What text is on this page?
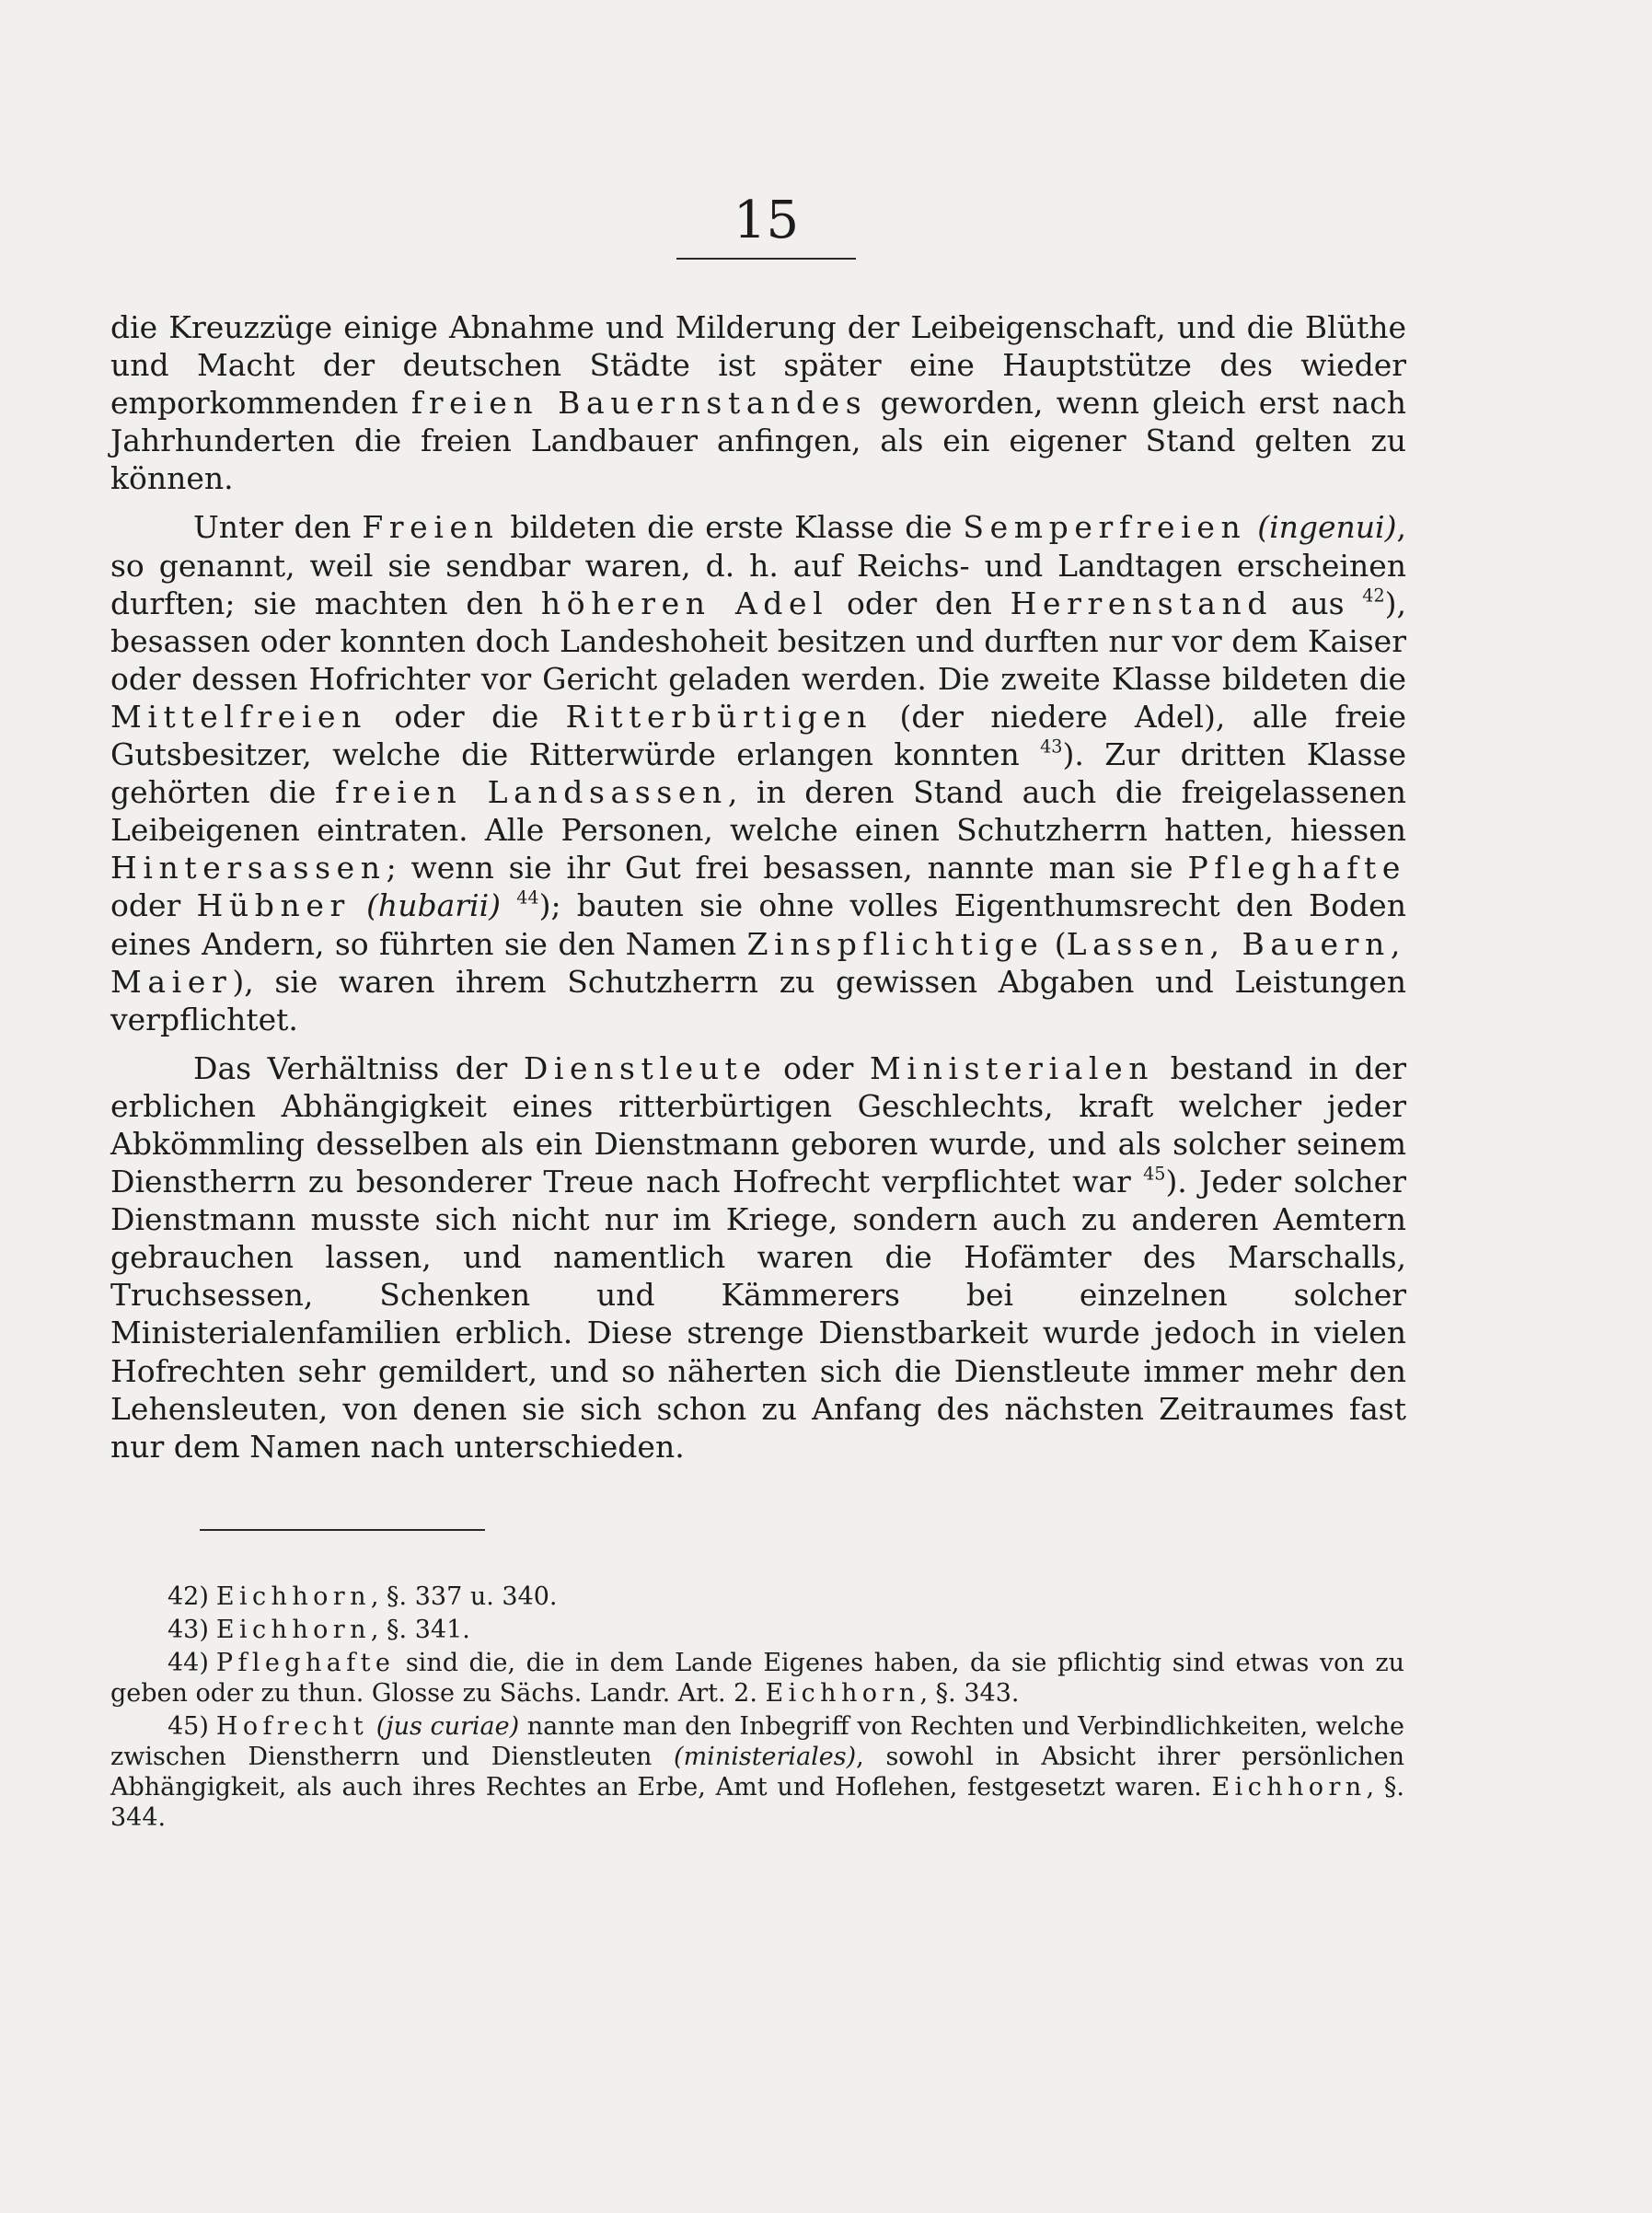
15

die Kreuzzüge einige Abnahme und Milderung der Leibeigenschaft, und die Blüthe und Macht der deutschen Städte ist später eine Hauptstütze des wieder emporkommenden freien Bauernstandes geworden, wenn gleich erst nach Jahrhunderten die freien Landbauer anfingen, als ein eigener Stand gelten zu können.

Unter den Freien bildeten die erste Klasse die Semperfreien (ingenui), so genannt, weil sie sendbar waren, d. h. auf Reichs- und Landtagen erscheinen durften; sie machten den höheren Adel oder den Herrenstand aus $^{42}$), besassen oder konnten doch Landeshoheit besitzen und durften nur vor dem Kaiser oder dessen Hofrichter vor Gericht geladen werden. Die zweite Klasse bildeten die Mittelfreien oder die Ritterbürtigen (der niedere Adel), alle freie Gutsbesitzer, welche die Ritterwürde erlangen konnten $^{43}$). Zur dritten Klasse gehörten die freien Landsassen, in deren Stand auch die freigelassenen Leibeigenen eintraten. Alle Personen, welche einen Schutzherrn hatten, hiessen Hintersassen; wenn sie ihr Gut frei besassen, nannte man sie Pfleghafte oder Hübner (hubarii) $^{44}$); bauten sie ohne volles Eigenthumsrecht den Boden eines Andern, so führten sie den Namen Zinspflichtige (Lassen, Bauern, Maier), sie waren ihrem Schutzherrn zu gewissen Abgaben und Leistungen verpflichtet.

Das Verhältniss der Dienstleute oder Ministerialen bestand in der erblichen Abhängigkeit eines ritterbürtigen Geschlechts, kraft welcher jeder Abkömmling desselben als ein Dienstmann geboren wurde, und als solcher seinem Dienstherrn zu besonderer Treue nach Hofrecht verpflichtet war $^{45}$). Jeder solcher Dienstmann musste sich nicht nur im Kriege, sondern auch zu anderen Aemtern gebrauchen lassen, und namentlich waren die Hofämter des Marschalls, Truchsessen, Schenken und Kämmerers bei einzelnen solcher Ministerialenfamilien erblich. Diese strenge Dienstbarkeit wurde jedoch in vielen Hofrechten sehr gemildert, und so näherten sich die Dienstleute immer mehr den Lehensleuten, von denen sie sich schon zu Anfang des nächsten Zeitraumes fast nur dem Namen nach unterschieden.

42) Eichhorn, §. 337 u. 340.

43) Eichhorn, §. 341.

44) Pfleghafte sind die, die in dem Lande Eigenes haben, da sie pflichtig sind etwas von zu geben oder zu thun. Glosse zu Sächs. Landr. Art. 2. Eichhorn, §. 343.

45) Hofrecht (jus curiae) nannte man den Inbegriff von Rechten und Verbindlichkeiten, welche zwischen Dienstherrn und Dienstleuten (ministeriales), sowohl in Absicht ihrer persönlichen Abhängigkeit, als auch ihres Rechtes an Erbe, Amt und Hoflehen, festgesetzt waren. Eichhorn, §. 344.
